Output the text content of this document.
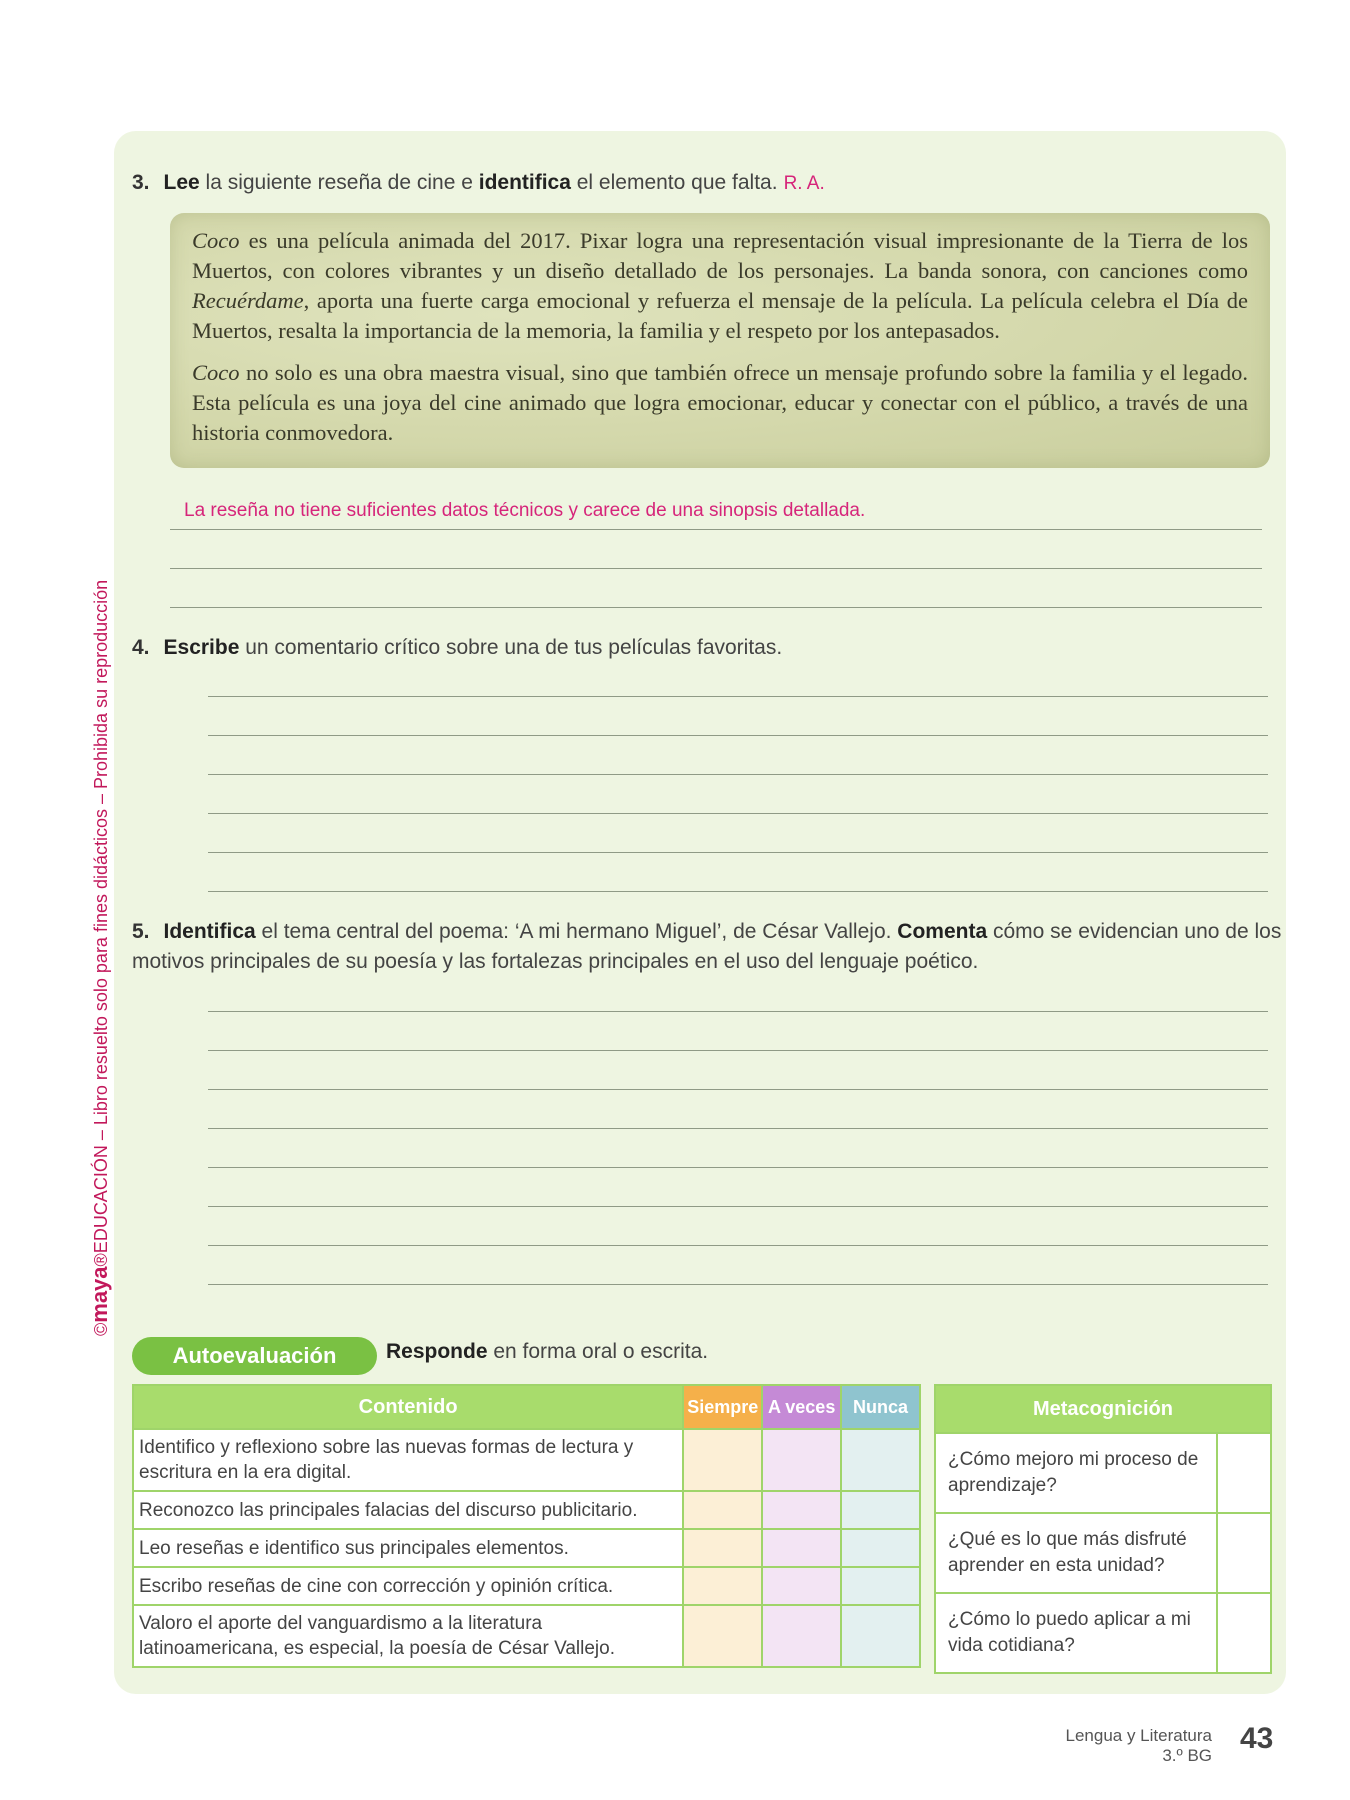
©maya®EDUCACIÓN – Libro resuelto solo para fines didácticos – Prohibida su reproducción
3. Lee la siguiente reseña de cine e identifica el elemento que falta. R. A.

Coco es una película animada del 2017. Pixar logra una representación visual impresionante de la Tierra de los Muertos, con colores vibrantes y un diseño detallado de los personajes. La banda sonora, con canciones como Recuérdame, aporta una fuerte carga emocional y refuerza el mensaje de la película. La película celebra el Día de Muertos, resalta la importancia de la memoria, la familia y el respeto por los antepasados.

Coco no solo es una obra maestra visual, sino que también ofrece un mensaje profundo sobre la familia y el legado. Esta película es una joya del cine animado que logra emocionar, educar y conectar con el público, a través de una historia conmovedora.

La reseña no tiene suficientes datos técnicos y carece de una sinopsis detallada.
4. Escribe un comentario crítico sobre una de tus películas favoritas.
5. Identifica el tema central del poema: ‘A mi hermano Miguel’, de César Vallejo. Comenta cómo se evidencian uno de los motivos principales de su poesía y las fortalezas principales en el uso del lenguaje poético.
Autoevaluación	Responde en forma oral o escrita.
Contenido	Siempre	A veces	Nunca
Identifico y reflexiono sobre las nuevas formas de lectura y escritura en la era digital.			
Reconozco las principales falacias del discurso publicitario.			
Leo reseñas e identifico sus principales elementos.			
Escribo reseñas de cine con corrección y opinión crítica.			
Valoro el aporte del vanguardismo a la literatura latinoamericana, es especial, la poesía de César Vallejo.			
Metacognición	
¿Cómo mejoro mi proceso de aprendizaje?	
¿Qué es lo que más disfruté aprender en esta unidad?	
¿Cómo lo puedo aplicar a mi vida cotidiana?	
Lengua y Literatura
3.º BG
43
